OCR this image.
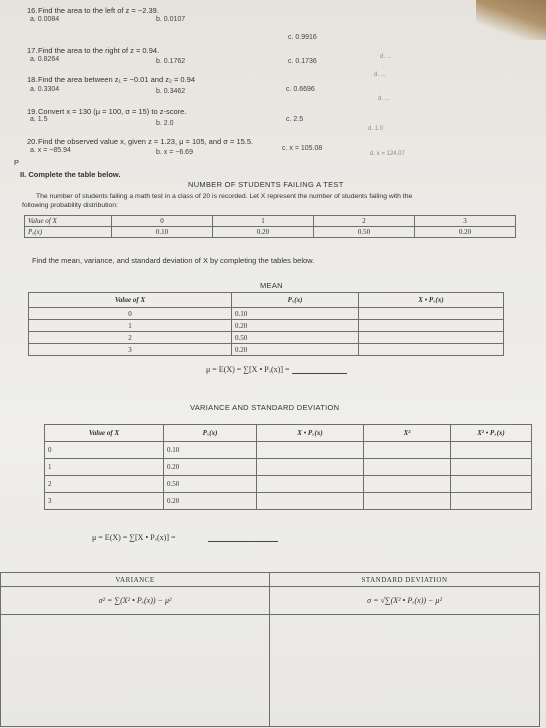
16. Find the area to the left of z = −2.39.
a. 0.0084	b. 0.0107
c. 0.9916
d. ...
17. Find the area to the right of z = 0.94.
a. 0.8264	b. 0.1762	c. 0.1736
d. ...
18. Find the area between z₁ = −0.01 and z₂ = 0.94
a. 0.3304	b. 0.3462	c. 0.6696
d. ...
19. Convert x = 130 (μ = 100, σ = 15) to z-score.
a. 1.5
b. 2.0
c. 2.5
d. 1.0
20. Find the observed value x, given z = 1.23, μ = 105, and σ = 15.5.
a. x = −85.94	b. x = −6.69
c. x = 105.08
d. x = 124.07
P
II. Complete the table below.
NUMBER OF STUDENTS FAILING A TEST
The number of students failing a math test in a class of 20 is recorded. Let X represent the number of students failing with the
following probability distribution:
Value of X	0	1	2	3
Pₓ(x)	0.10	0.20	0.50	0.20
Find the mean, variance, and standard deviation of X by completing the tables below.
MEAN
Value of X	Pₓ(x)	X • Pₓ(x)
0	0.10	
1	0.20	
2	0.50	
3	0.20	
μ = E(X) = ∑[X • Pₓ(x)] =
VARIANCE AND STANDARD DEVIATION
Value of X	Pₓ(x)	X • Pₓ(x)	X²	X² • Pₓ(x)
0	0.10			
1	0.20			
2	0.50			
3	0.20			
μ = E(X) = ∑[X • Pₓ(x)] =
VARIANCE	STANDARD DEVIATION
σ² = ∑(X² • Pₓ(x)) − μ²	σ = √∑(X² • Pₓ(x)) − μ²
